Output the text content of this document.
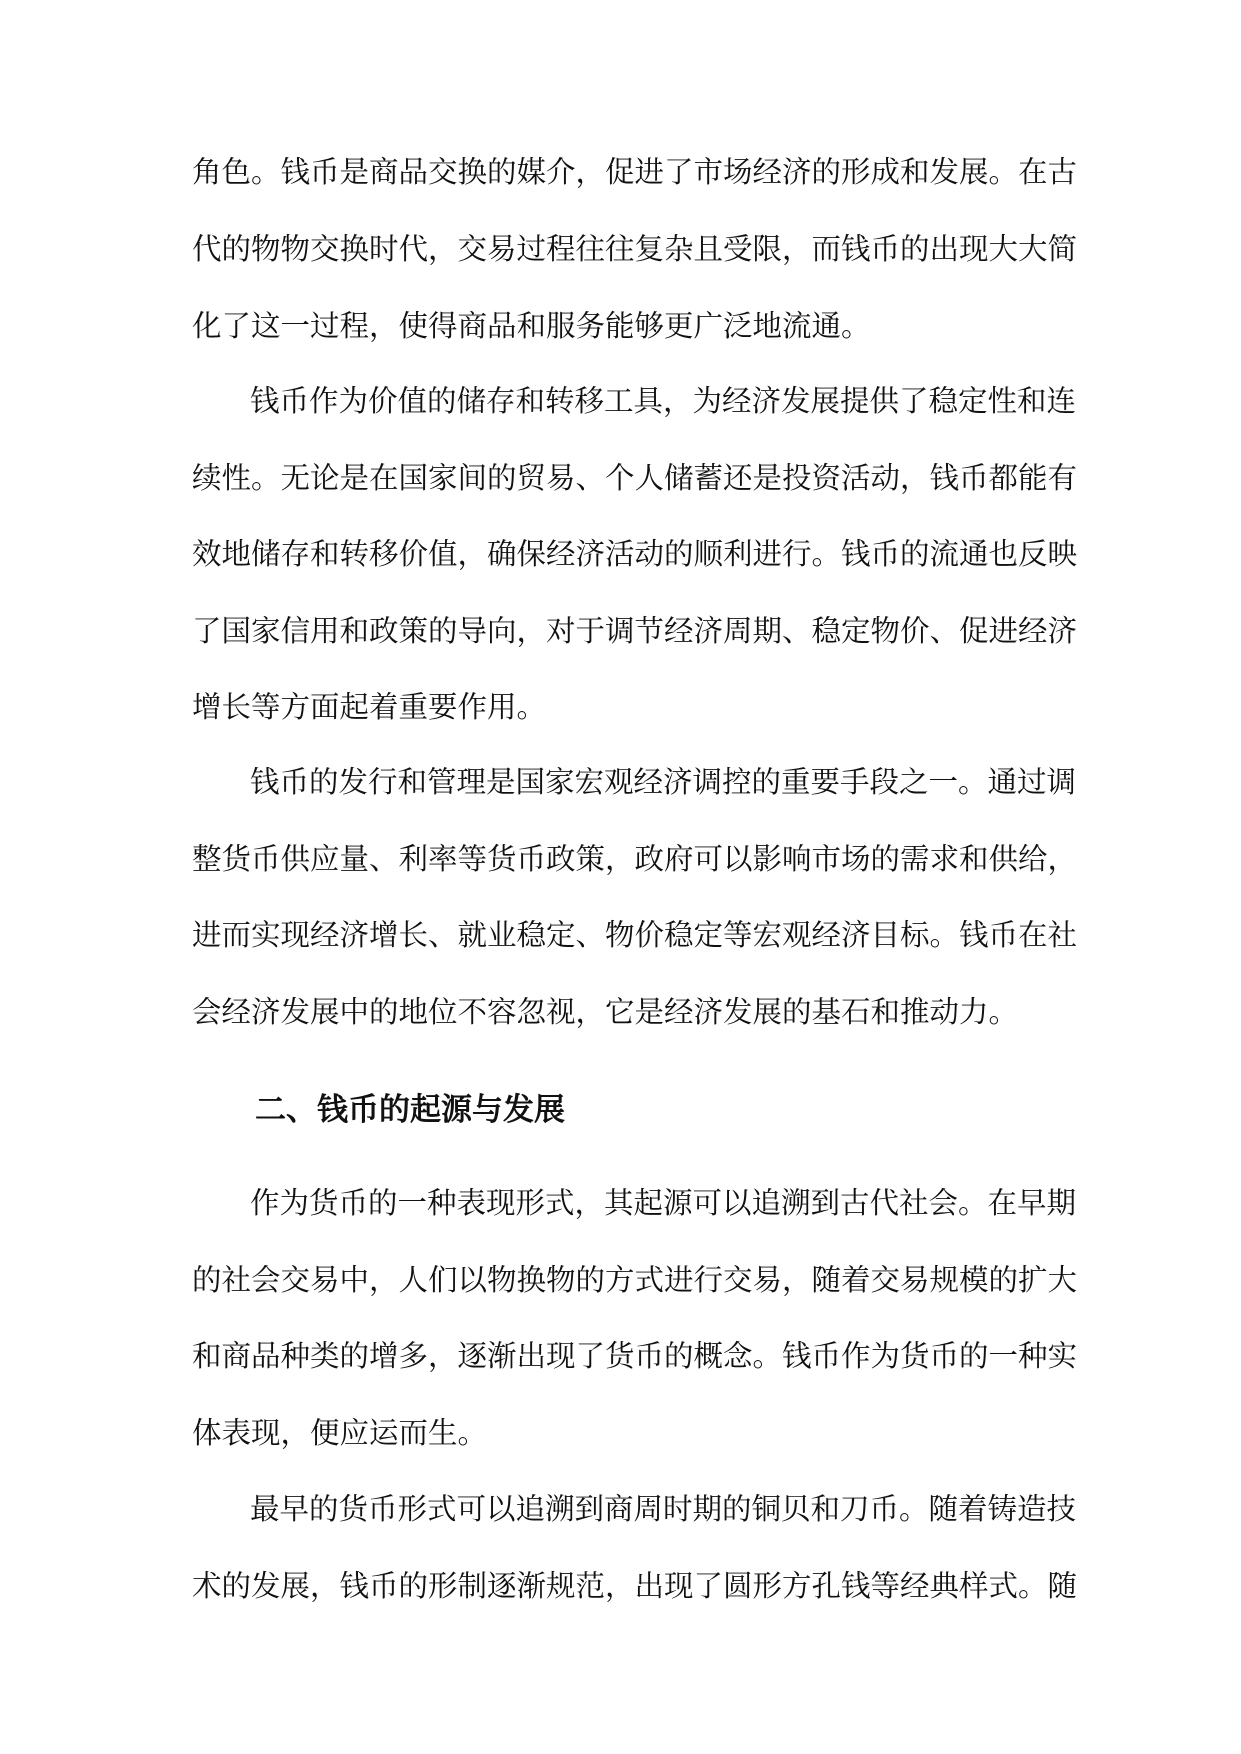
角色。钱币是商品交换的媒介，促进了市场经济的形成和发展。在古
代的物物交换时代，交易过程往往复杂且受限，而钱币的出现大大简
化了这一过程，使得商品和服务能够更广泛地流通。
钱币作为价值的储存和转移工具，为经济发展提供了稳定性和连
续性。无论是在国家间的贸易、个人储蓄还是投资活动，钱币都能有
效地储存和转移价值，确保经济活动的顺利进行。钱币的流通也反映
了国家信用和政策的导向，对于调节经济周期、稳定物价、促进经济
增长等方面起着重要作用。
钱币的发行和管理是国家宏观经济调控的重要手段之一。通过调
整货币供应量、利率等货币政策，政府可以影响市场的需求和供给，
进而实现经济增长、就业稳定、物价稳定等宏观经济目标。钱币在社
会经济发展中的地位不容忽视，它是经济发展的基石和推动力。
二、钱币的起源与发展
作为货币的一种表现形式，其起源可以追溯到古代社会。在早期
的社会交易中，人们以物换物的方式进行交易，随着交易规模的扩大
和商品种类的增多，逐渐出现了货币的概念。钱币作为货币的一种实
体表现，便应运而生。
最早的货币形式可以追溯到商周时期的铜贝和刀币。随着铸造技
术的发展，钱币的形制逐渐规范，出现了圆形方孔钱等经典样式。随
